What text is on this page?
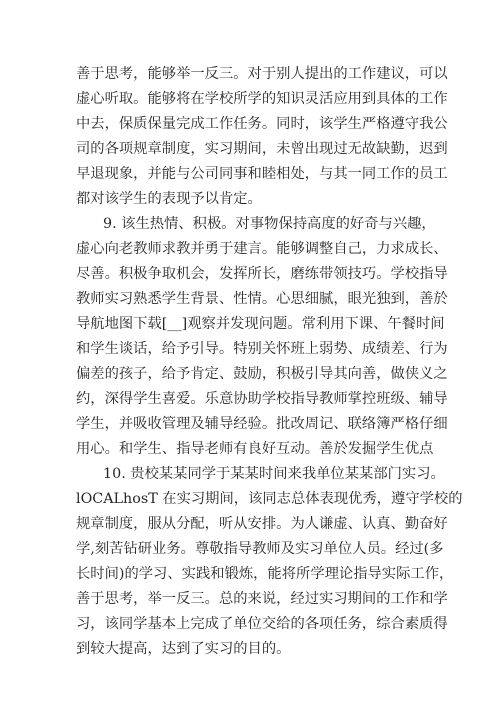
善于思考，能够举一反三。对于别人提出的工作建议，可以
虚心听取。能够将在学校所学的知识灵活应用到具体的工作
中去，保质保量完成工作任务。同时，该学生严格遵守我公
司的各项规章制度，实习期间，未曾出现过无故缺勤，迟到
早退现象，并能与公司同事和睦相处，与其一同工作的员工
都对该学生的表现予以肯定。
9. 该生热情、积极。对事物保持高度的好奇与兴趣，
虚心向老教师求教并勇于建言。能够调整自己，力求成长、
尽善。积极争取机会，发挥所长，磨练带领技巧。学校指导
教师实习熟悉学生背景、性情。心思细腻，眼光独到，善於
导航地图下载[__]观察并发现问题。常利用下课、午餐时间
和学生谈话，给予引导。特别关怀班上弱势、成绩差、行为
偏差的孩子，给予肯定、鼓励，积极引导其向善，做侠义之
约，深得学生喜爱。乐意协助学校指导教师掌控班级、辅导
学生，并吸收管理及辅导经验。批改周记、联络簿严格仔细
用心。和学生、指导老师有良好互动。善於发掘学生优点
10. 贵校某某同学于某某时间来我单位某某部门实习。
lOCALhosT 在实习期间，该同志总体表现优秀，遵守学校的
规章制度，服从分配，听从安排。为人谦虚、认真、勤奋好
学,刻苦钻研业务。尊敬指导教师及实习单位人员。经过(多
长时间)的学习、实践和锻炼，能将所学理论指导实际工作，
善于思考，举一反三。总的来说，经过实习期间的工作和学
习，该同学基本上完成了单位交给的各项任务，综合素质得
到较大提高，达到了实习的目的。
